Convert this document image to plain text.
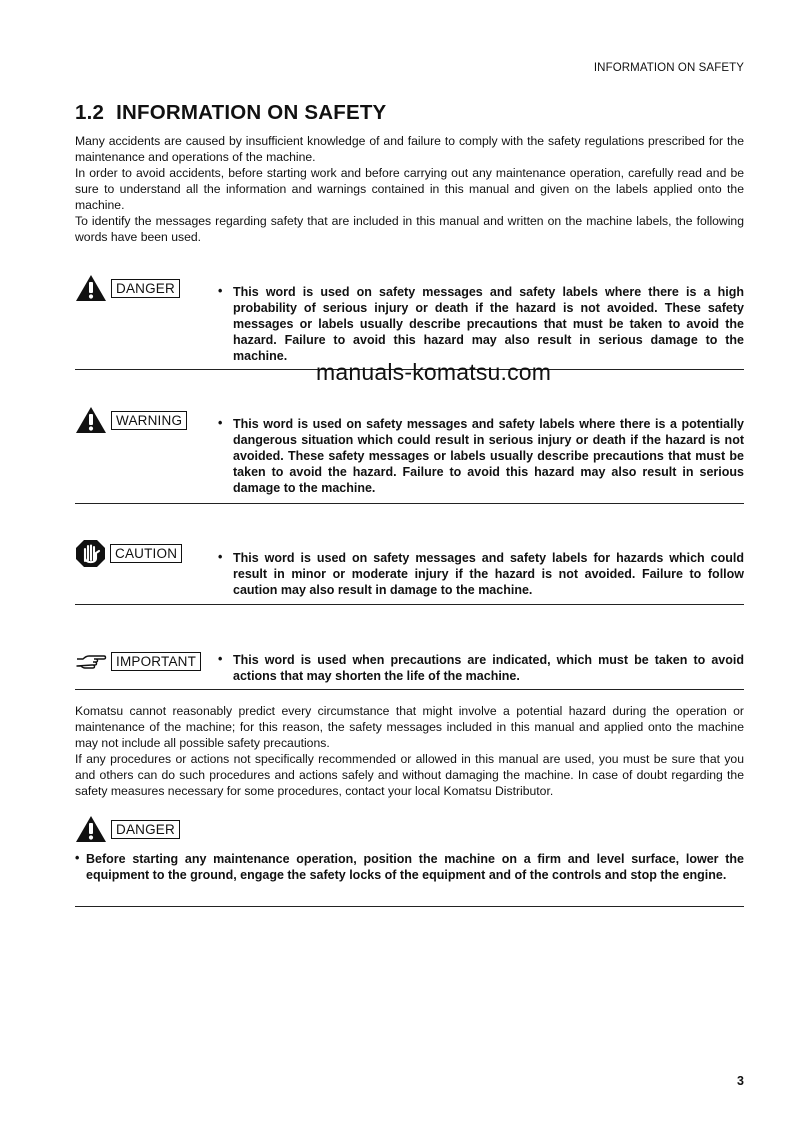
INFORMATION ON SAFETY
1.2 INFORMATION ON SAFETY

Many accidents are caused by insufficient knowledge of and failure to comply with the safety regulations prescribed for the maintenance and operations of the machine.

In order to avoid accidents, before starting work and before carrying out any maintenance operation, carefully read and be sure to understand all the information and warnings contained in this manual and given on the labels applied onto the machine.

To identify the messages regarding safety that are included in this manual and written on the machine labels, the following words have been used.

DANGER	• This word is used on safety messages and safety labels where there is a high probability of serious injury or death if the hazard is not avoided. These safety messages or labels usually describe precautions that must be taken to avoid the hazard. Failure to avoid this hazard may also result in serious damage to the machine.
manuals-komatsu.com
WARNING	• This word is used on safety messages and safety labels where there is a potentially dangerous situation which could result in serious injury or death if the hazard is not avoided. These safety messages or labels usually describe precautions that must be taken to avoid the hazard. Failure to avoid this hazard may also result in serious damage to the machine.
CAUTION	• This word is used on safety messages and safety labels for hazards which could result in minor or moderate injury if the hazard is not avoided. Failure to follow caution may also result in damage to the machine.
IMPORTANT	• This word is used when precautions are indicated, which must be taken to avoid actions that may shorten the life of the machine.

Komatsu cannot reasonably predict every circumstance that might involve a potential hazard during the operation or maintenance of the machine; for this reason, the safety messages included in this manual and applied onto the machine may not include all possible safety precautions.

If any procedures or actions not specifically recommended or allowed in this manual are used, you must be sure that you and others can do such procedures and actions safely and without damaging the machine. In case of doubt regarding the safety measures necessary for some procedures, contact your local Komatsu Distributor.

DANGER
• Before starting any maintenance operation, position the machine on a firm and level surface, lower the equipment to the ground, engage the safety locks of the equipment and of the controls and stop the engine.
3
